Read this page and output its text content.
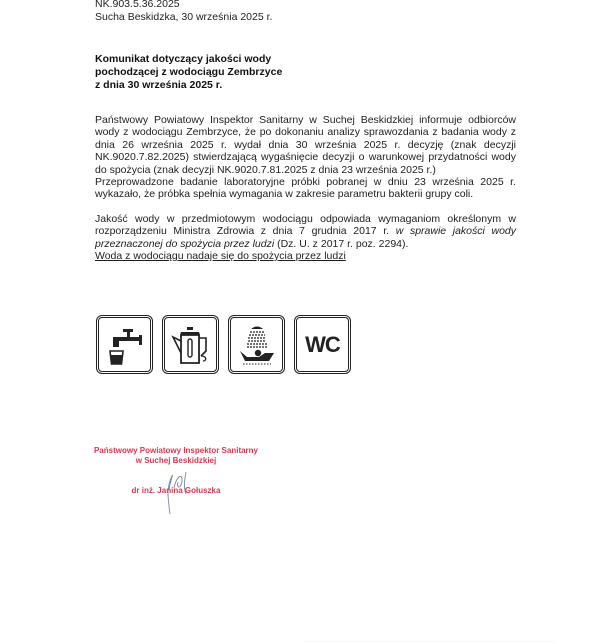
NK.903.5.36.2025
Sucha Beskidzka, 30 września 2025 r.
Komunikat dotyczący jakości wody
pochodzącej z wodociągu Zembrzyce
z dnia 30 września 2025 r.

Państwowy Powiatowy Inspektor Sanitarny w Suchej Beskidzkiej informuje odbiorców wody z wodociągu Zembrzyce, że po dokonaniu analizy sprawozdania z badania wody z dnia 26 września 2025 r. wydał dnia 30 września 2025 r. decyzję (znak decyzji NK.9020.7.82.2025) stwierdzającą wygaśnięcie decyzji o warunkowej przydatności wody do spożycia (znak decyzji NK.9020.7.81.2025 z dnia 23 września 2025 r.)

Przeprowadzone badanie laboratoryjne próbki pobranej w dniu 23 września 2025 r. wykazało, że próbka spełnia wymagania w zakresie parametru bakterii grupy coli.

Jakość wody w przedmiotowym wodociągu odpowiada wymaganiom określonym w rozporządzeniu Ministra Zdrowia z dnia 7 grudnia 2017 r. w sprawie jakości wody przeznaczonej do spożycia przez ludzi (Dz. U. z 2017 r. poz. 2294).

Woda z wodociągu nadaje się do spożycia przez ludzi

WC
Państwowy Powiatowy Inspektor Sanitarny
w Suchej Beskidzkiej
dr inż. Janina Gołuszka
